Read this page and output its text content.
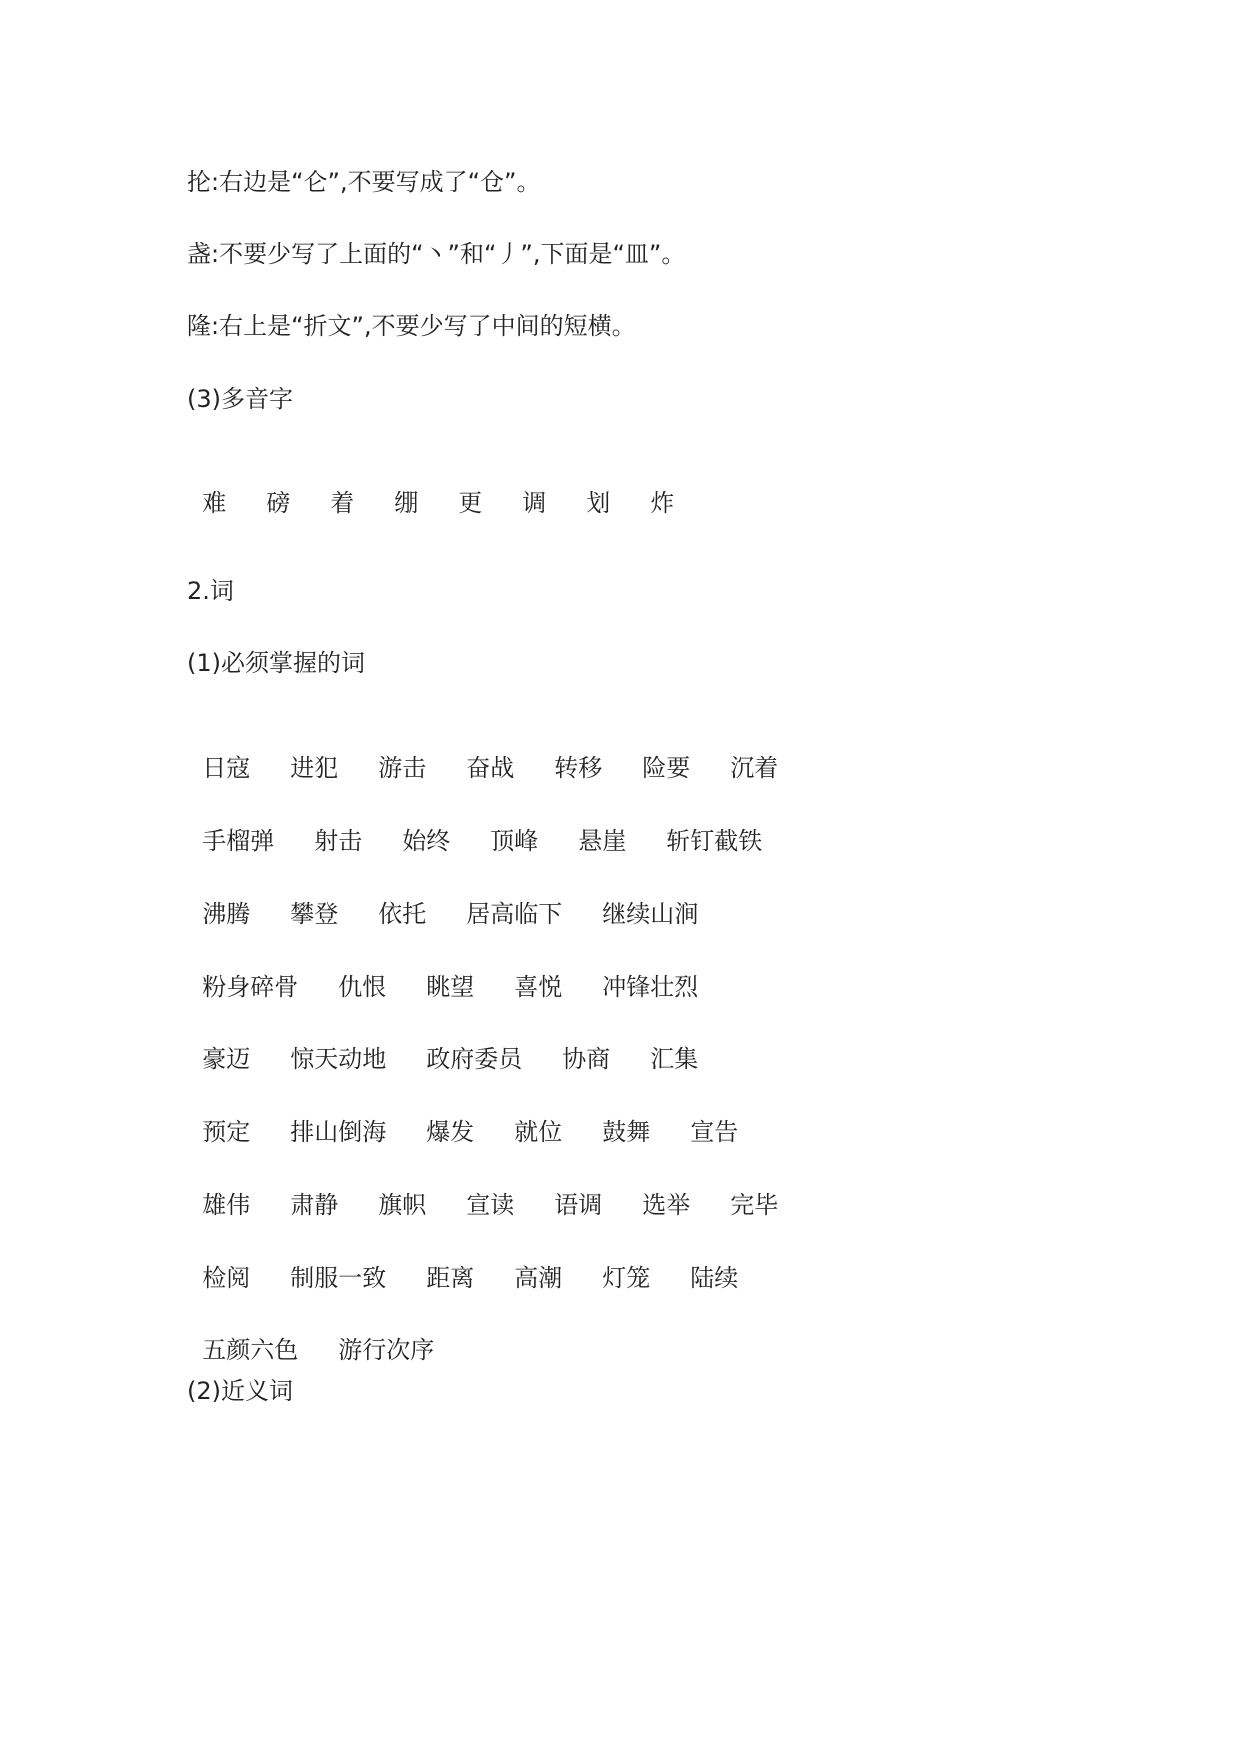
抡:右边是“仑”,不要写成了“仓”。

盏:不要少写了上面的“丶”和“丿”,下面是“皿”。

隆:右上是“折文”,不要少写了中间的短横。

(3)多音字

难 磅 着 绷 更 调 划 炸

2.词

(1)必须掌握的词

日寇 进犯 游击 奋战 转移 险要 沉着

手榴弹 射击 始终 顶峰 悬崖 斩钉截铁

沸腾 攀登 依托 居高临下 继续山涧

粉身碎骨 仇恨 眺望 喜悦 冲锋壮烈

豪迈 惊天动地 政府委员 协商 汇集

预定 排山倒海 爆发 就位 鼓舞 宣告

雄伟 肃静 旗帜 宣读 语调 选举 完毕

检阅 制服一致 距离 高潮 灯笼 陆续

五颜六色 游行次序

(2)近义词
